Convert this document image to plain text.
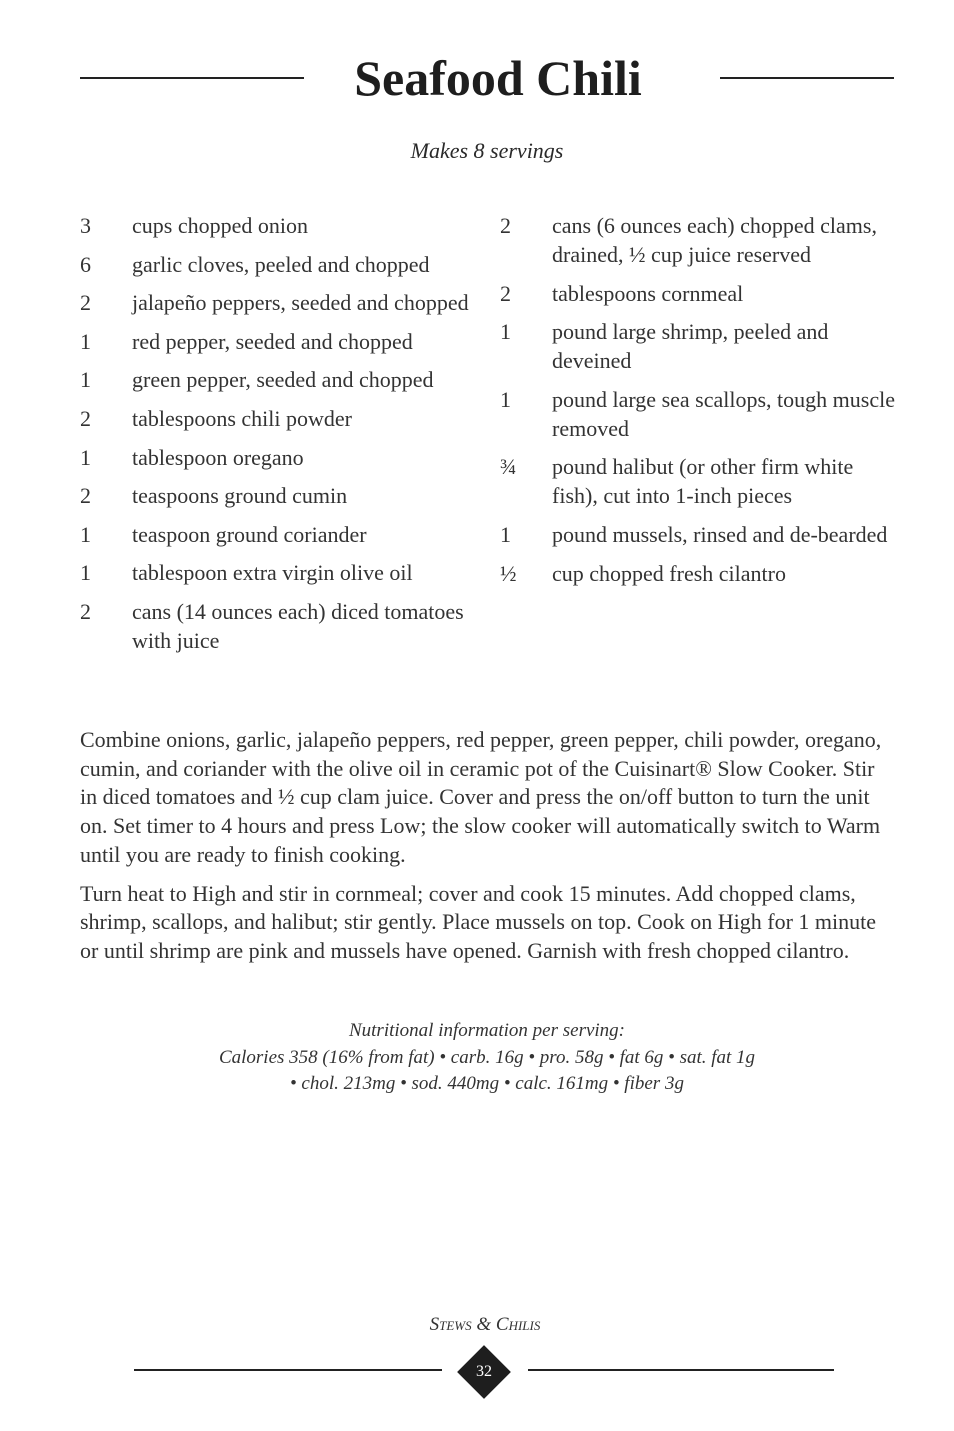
Seafood Chili
Makes 8 servings
3	cups chopped onion
6	garlic cloves, peeled and chopped
2	jalapeño peppers, seeded and chopped
1	red pepper, seeded and chopped
1	green pepper, seeded and chopped
2	tablespoons chili powder
1	tablespoon oregano
2	teaspoons ground cumin
1	teaspoon ground coriander
1	tablespoon extra virgin olive oil
2	cans (14 ounces each) diced tomatoes with juice
2	cans (6 ounces each) chopped clams, drained, ½ cup juice reserved
2	tablespoons cornmeal
1	pound large shrimp, peeled and deveined
1	pound large sea scallops, tough muscle removed
¾	pound halibut (or other firm white fish), cut into 1-inch pieces
1	pound mussels, rinsed and de-bearded
½	cup chopped fresh cilantro

Combine onions, garlic, jalapeño peppers, red pepper, green pepper, chili powder, oregano, cumin, and coriander with the olive oil in ceramic pot of the Cuisinart® Slow Cooker. Stir in diced tomatoes and ½ cup clam juice. Cover and press the on/off button to turn the unit on. Set timer to 4 hours and press Low; the slow cooker will automatically switch to Warm until you are ready to finish cooking.

Turn heat to High and stir in cornmeal; cover and cook 15 minutes. Add chopped clams, shrimp, scallops, and halibut; stir gently. Place mussels on top. Cook on High for 1 minute or until shrimp are pink and mussels have opened. Garnish with fresh chopped cilantro.

Nutritional information per serving:
Calories 358 (16% from fat) • carb. 16g • pro. 58g • fat 6g • sat. fat 1g
• chol. 213mg • sod. 440mg • calc. 161mg • fiber 3g
Stews & Chilis
32
